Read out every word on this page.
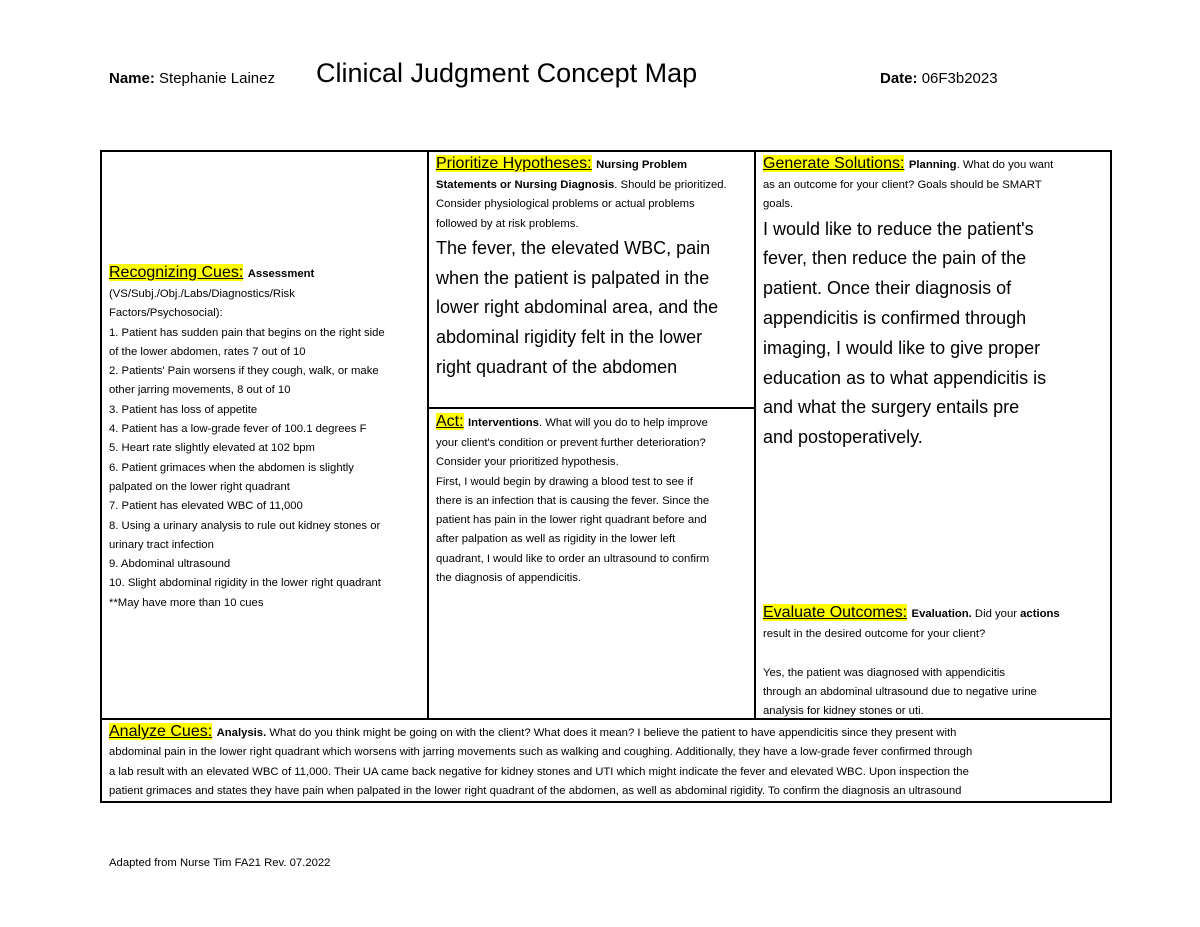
Name: Stephanie Lainez Clinical Judgment Concept Map	Date: 06F3b2023
Recognizing Cues: Assessment
(VS/Subj./Obj./Labs/Diagnostics/Risk
Factors/Psychosocial):
1. Patient has sudden pain that begins on the right side
of the lower abdomen, rates 7 out of 10
2. Patients' Pain worsens if they cough, walk, or make
other jarring movements, 8 out of 10
3. Patient has loss of appetite
4. Patient has a low-grade fever of 100.1 degrees F
5. Heart rate slightly elevated at 102 bpm
6. Patient grimaces when the abdomen is slightly
palpated on the lower right quadrant
7. Patient has elevated WBC of 11,000
8. Using a urinary analysis to rule out kidney stones or
urinary tract infection
9. Abdominal ultrasound
10. Slight abdominal rigidity in the lower right quadrant
**May have more than 10 cues
Prioritize Hypotheses: Nursing Problem
Statements or Nursing Diagnosis. Should be prioritized.
Consider physiological problems or actual problems
followed by at risk problems.
The fever, the elevated WBC, pain
when the patient is palpated in the
lower right abdominal area, and the
abdominal rigidity felt in the lower
right quadrant of the abdomen
Act: Interventions. What will you do to help improve
your client's condition or prevent further deterioration?
Consider your prioritized hypothesis.
First, I would begin by drawing a blood test to see if
there is an infection that is causing the fever. Since the
patient has pain in the lower right quadrant before and
after palpation as well as rigidity in the lower left
quadrant, I would like to order an ultrasound to confirm
the diagnosis of appendicitis.
Generate Solutions: Planning. What do you want
as an outcome for your client? Goals should be SMART
goals.
I would like to reduce the patient's
fever, then reduce the pain of the
patient. Once their diagnosis of
appendicitis is confirmed through
imaging, I would like to give proper
education as to what appendicitis is
and what the surgery entails pre
and postoperatively.
Evaluate Outcomes: Evaluation. Did your actions
result in the desired outcome for your client?

Yes, the patient was diagnosed with appendicitis
through an abdominal ultrasound due to negative urine
analysis for kidney stones or uti.
Analyze Cues: Analysis. What do you think might be going on with the client? What does it mean? I believe the patient to have appendicitis since they present with
abdominal pain in the lower right quadrant which worsens with jarring movements such as walking and coughing. Additionally, they have a low-grade fever confirmed through
a lab result with an elevated WBC of 11,000. Their UA came back negative for kidney stones and UTI which might indicate the fever and elevated WBC. Upon inspection the
patient grimaces and states they have pain when palpated in the lower right quadrant of the abdomen, as well as abdominal rigidity. To confirm the diagnosis an ultrasound
Adapted from Nurse Tim FA21 Rev. 07.2022
